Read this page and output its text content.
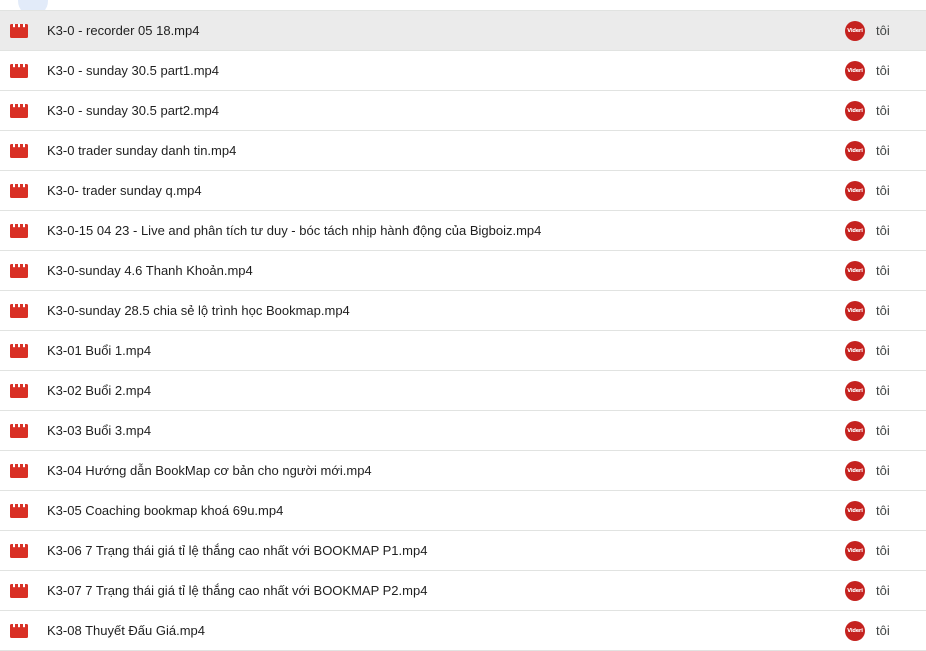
K3-0 - recorder 05 18.mp4	Videri tôi
K3-0 - sunday 30.5 part1.mp4	Videri tôi
K3-0 - sunday 30.5 part2.mp4	Videri tôi
K3-0 trader sunday danh tin.mp4	Videri tôi
K3-0- trader sunday q.mp4	Videri tôi
K3-0-15 04 23 - Live and phân tích tư duy - bóc tách nhịp hành động của Bigboiz.mp4	Videri tôi
K3-0-sunday 4.6 Thanh Khoản.mp4	Videri tôi
K3-0-sunday 28.5 chia sẻ lộ trình học Bookmap.mp4	Videri tôi
K3-01 Buổi 1.mp4	Videri tôi
K3-02 Buổi 2.mp4	Videri tôi
K3-03 Buổi 3.mp4	Videri tôi
K3-04 Hướng dẫn BookMap cơ bản cho người mới.mp4	Videri tôi
K3-05 Coaching bookmap khoá 69u.mp4	Videri tôi
K3-06 7 Trạng thái giá tỉ lệ thắng cao nhất với BOOKMAP P1.mp4	Videri tôi
K3-07 7 Trạng thái giá tỉ lệ thắng cao nhất với BOOKMAP P2.mp4	Videri tôi
K3-08 Thuyết Đấu Giá.mp4	Videri tôi
